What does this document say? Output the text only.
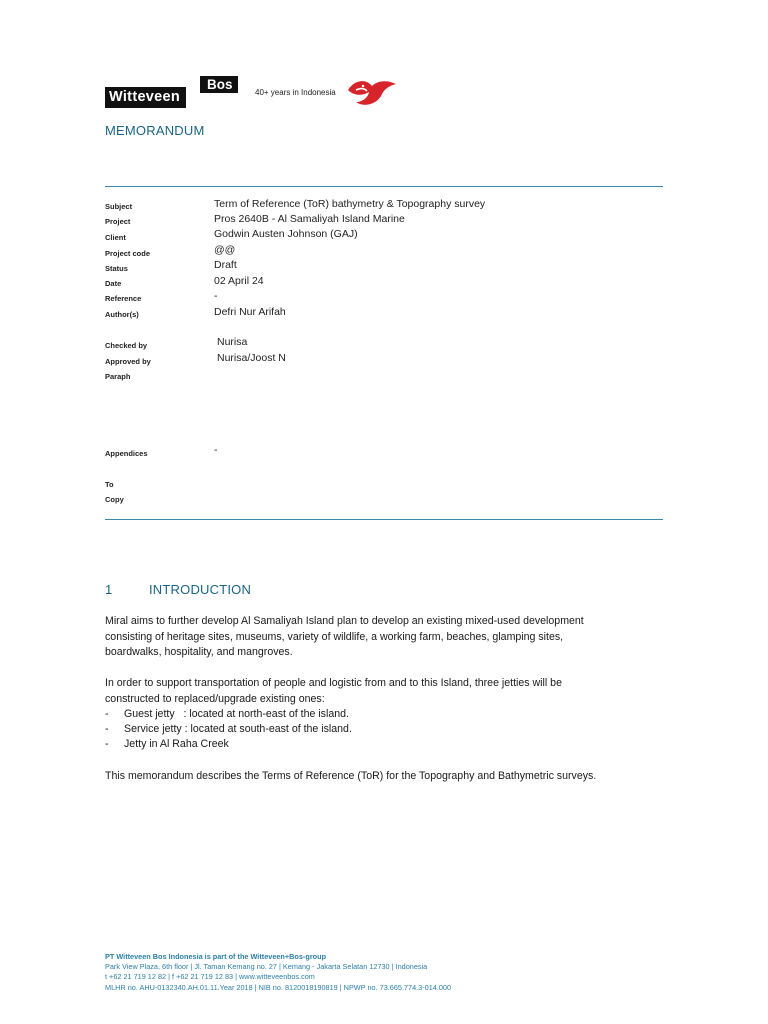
Witteveen
Bos
40+ years in Indonesia
MEMORANDUM
Subject	Term of Reference (ToR) bathymetry & Topography survey
Project	Pros 2640B - Al Samaliyah Island Marine
Client	Godwin Austen Johnson (GAJ)
Project code	@@
Status	Draft
Date	02 April 24
Reference	-
Author(s)	Defri Nur Arifah
Checked by	Nurisa
Approved by	Nurisa/Joost N
Paraph
Appendices	-
To
Copy
1	INTRODUCTION
Miral aims to further develop Al Samaliyah Island plan to develop an existing mixed-used development
consisting of heritage sites, museums, variety of wildlife, a working farm, beaches, glamping sites,
boardwalks, hospitality, and mangroves.
In order to support transportation of people and logistic from and to this Island, three jetties will be
constructed to replaced/upgrade existing ones:
- Guest jetty   : located at north-east of the island.
- Service jetty : located at south-east of the island.
- Jetty in Al Raha Creek
This memorandum describes the Terms of Reference (ToR) for the Topography and Bathymetric surveys.
PT Witteveen Bos Indonesia is part of the Witteveen+Bos-group
Park View Plaza, 6th floor | Jl. Taman Kemang no. 27 | Kemang - Jakarta Selatan 12730 | Indonesia
t +62 21 719 12 82 | f +62 21 719 12 83 | www.witteveenbos.com
MLHR no. AHU-0132340.AH.01.11.Year 2018 | NIB no. 8120018190819 | NPWP no. 73.665.774.3-014.000
